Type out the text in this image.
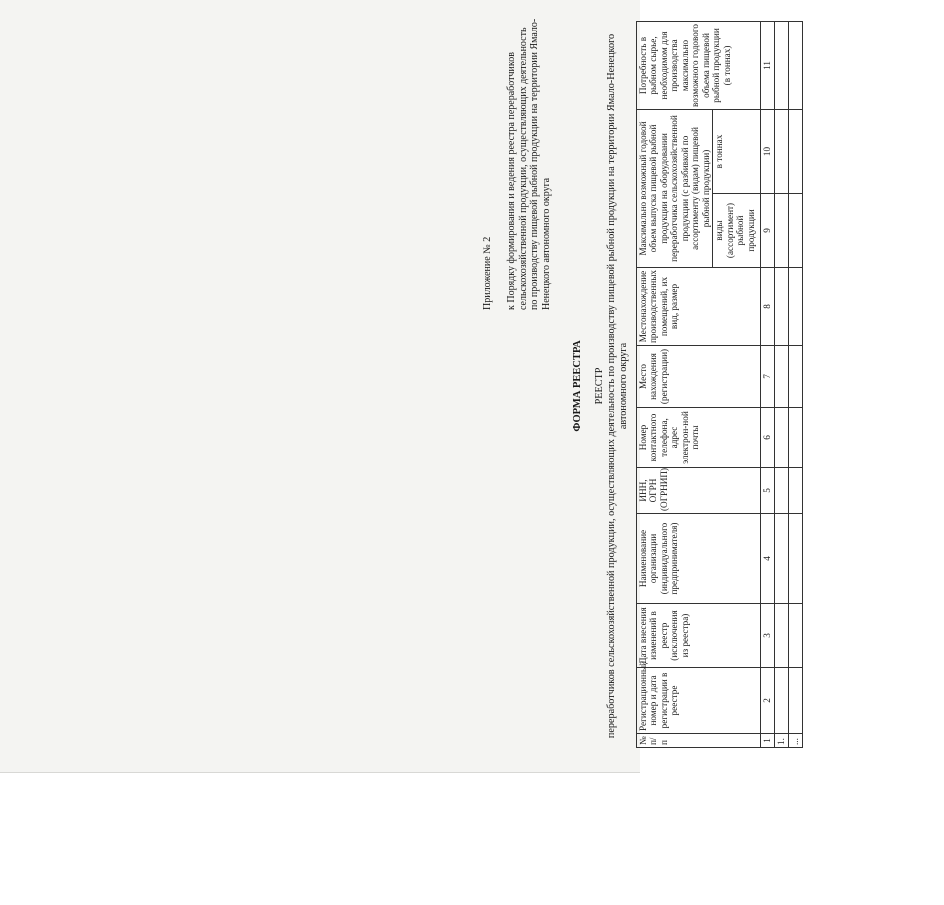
Приложение № 2 к Порядку формирования и ведения реестра переработчиков сельскохозяйственной продукции, осуществляющих деятельность по производству пищевой рыбной продукции на территории Ямало-Ненецкого автономного округа
ФОРМА РЕЕСТРА РЕЕСТР переработчиков сельскохозяйственной продукции, осуществляющих деятельность по производству пищевой рыбной продукции на территории Ямало-Ненецкого автономного округа
№ п/п	Регистрационный номер и дата регистрации в реестре	Дата внесения изменений в реестр (исключения из реестра)	Наименование организации (индивидуального предпринимателя)	ИНН, ОГРН (ОГРНИП)	Номер контактного телефона, адрес электрон-ной почты	Место нахождения (регистрации)	Местонахождение производственных помещений, их вид, размер	Максимально возможный годовой объем выпуска пищевой рыбной продукции на оборудовании переработчика сельскохозяйственной продукции (с разбивкой по ассортименту (видам) пищевой рыбной продукции)		Потребность в рыбном сырье, необходимом для производства максимально возможного годового объема пищевой рыбной продукции (в тоннах)
								виды (ассортимент) рыбной продукции	в тоннах	
1	2	3	4	5	6	7	8	9	10	11
1.										
...										
